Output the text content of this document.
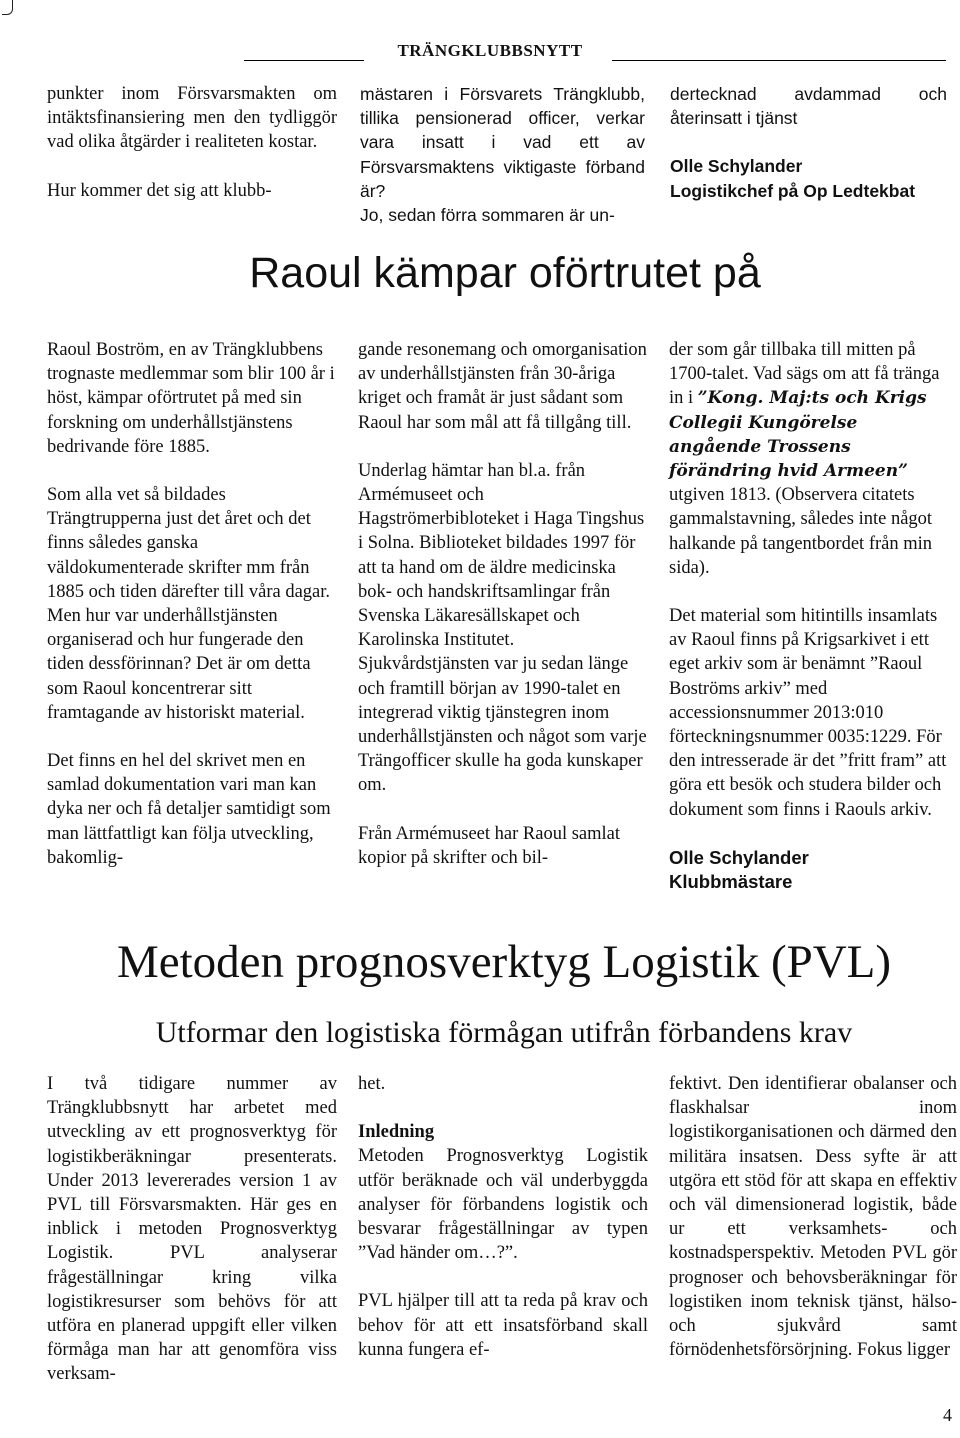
TRÄNGKLUBBSNYTT

punkter inom Försvarsmakten om intäktsfinansiering men den tydliggör vad olika åtgärder i realiteten kostar.

Hur kommer det sig att klubb-

mästaren i Försvarets Trängklubb, tillika pensionerad officer, verkar vara insatt i vad ett av Försvarsmaktens viktigaste förband är?

Jo, sedan förra sommaren är un-

dertecknad avdammad och återinsatt i tjänst

Olle Schylander
Logistikchef på Op Ledtekbat
Raoul kämpar oförtrutet på

Raoul Boström, en av Trängklubbens trognaste medlemmar som blir 100 år i höst, kämpar oförtrutet på med sin forskning om underhållstjänstens bedrivande före 1885.

Som alla vet så bildades Trängtrupperna just det året och det finns således ganska väldokumenterade skrifter mm från 1885 och tiden därefter till våra dagar. Men hur var underhållstjänsten organiserad och hur fungerade den tiden dessförinnan? Det är om detta som Raoul koncentrerar sitt framtagande av historiskt material.

Det finns en hel del skrivet men en samlad dokumentation vari man kan dyka ner och få detaljer samtidigt som man lättfattligt kan följa utveckling, bakomlig-

gande resonemang och omorganisation av underhållstjänsten från 30-åriga kriget och framåt är just sådant som Raoul har som mål att få tillgång till.

Underlag hämtar han bl.a. från Armémuseet och Hagströmerbibloteket i Haga Tingshus i Solna. Biblioteket bildades 1997 för att ta hand om de äldre medicinska bok- och handskriftsamlingar från Svenska Läkaresällskapet och Karolinska Institutet. Sjukvårdstjänsten var ju sedan länge och framtill början av 1990-talet en integrerad viktig tjänstegren inom underhållstjänsten och något som varje Trängofficer skulle ha goda kunskaper om.

Från Armémuseet har Raoul samlat kopior på skrifter och bil-

der som går tillbaka till mitten på 1700-talet. Vad sägs om att få tränga in i ”Kong. Maj:ts och Krigs Collegii Kungörelse angående Trossens förändring hvid Armeen” utgiven 1813. (Observera citatets gammalstavning, således inte något halkande på tangentbordet från min sida).

Det material som hitintills insamlats av Raoul finns på Krigsarkivet i ett eget arkiv som är benämnt ”Raoul Boströms arkiv” med accessionsnummer 2013:010 förteckningsnummer 0035:1229. För den intresserade är det ”fritt fram” att göra ett besök och studera bilder och dokument som finns i Raouls arkiv.

Olle Schylander
Klubbmästare
Metoden prognosverktyg Logistik (PVL)
Utformar den logistiska förmågan utifrån förbandens krav

I två tidigare nummer av Trängklubbsnytt har arbetet med utveckling av ett prognosverktyg för logistikberäkningar presenterats. Under 2013 levererades version 1 av PVL till Försvarsmakten. Här ges en inblick i metoden Prognosverktyg Logistik. PVL analyserar frågeställningar kring vilka logistikresurser som behövs för att utföra en planerad uppgift eller vilken förmåga man har att genomföra viss verksam-

het.

Inledning

Metoden Prognosverktyg Logistik utför beräknade och väl underbyggda analyser för förbandens logistik och besvarar frågeställningar av typen ”Vad händer om…?”.

PVL hjälper till att ta reda på krav och behov för att ett insatsförband skall kunna fungera ef-

fektivt. Den identifierar obalanser och flaskhalsar inom logistikorganisationen och därmed den militära insatsen. Dess syfte är att utgöra ett stöd för att skapa en effektiv och väl dimensionerad logistik, både ur ett verksamhets- och kostnadsperspektiv. Metoden PVL gör prognoser och behovsberäkningar för logistiken inom teknisk tjänst, hälso- och sjukvård samt förnödenhetsförsörjning. Fokus ligger

4
